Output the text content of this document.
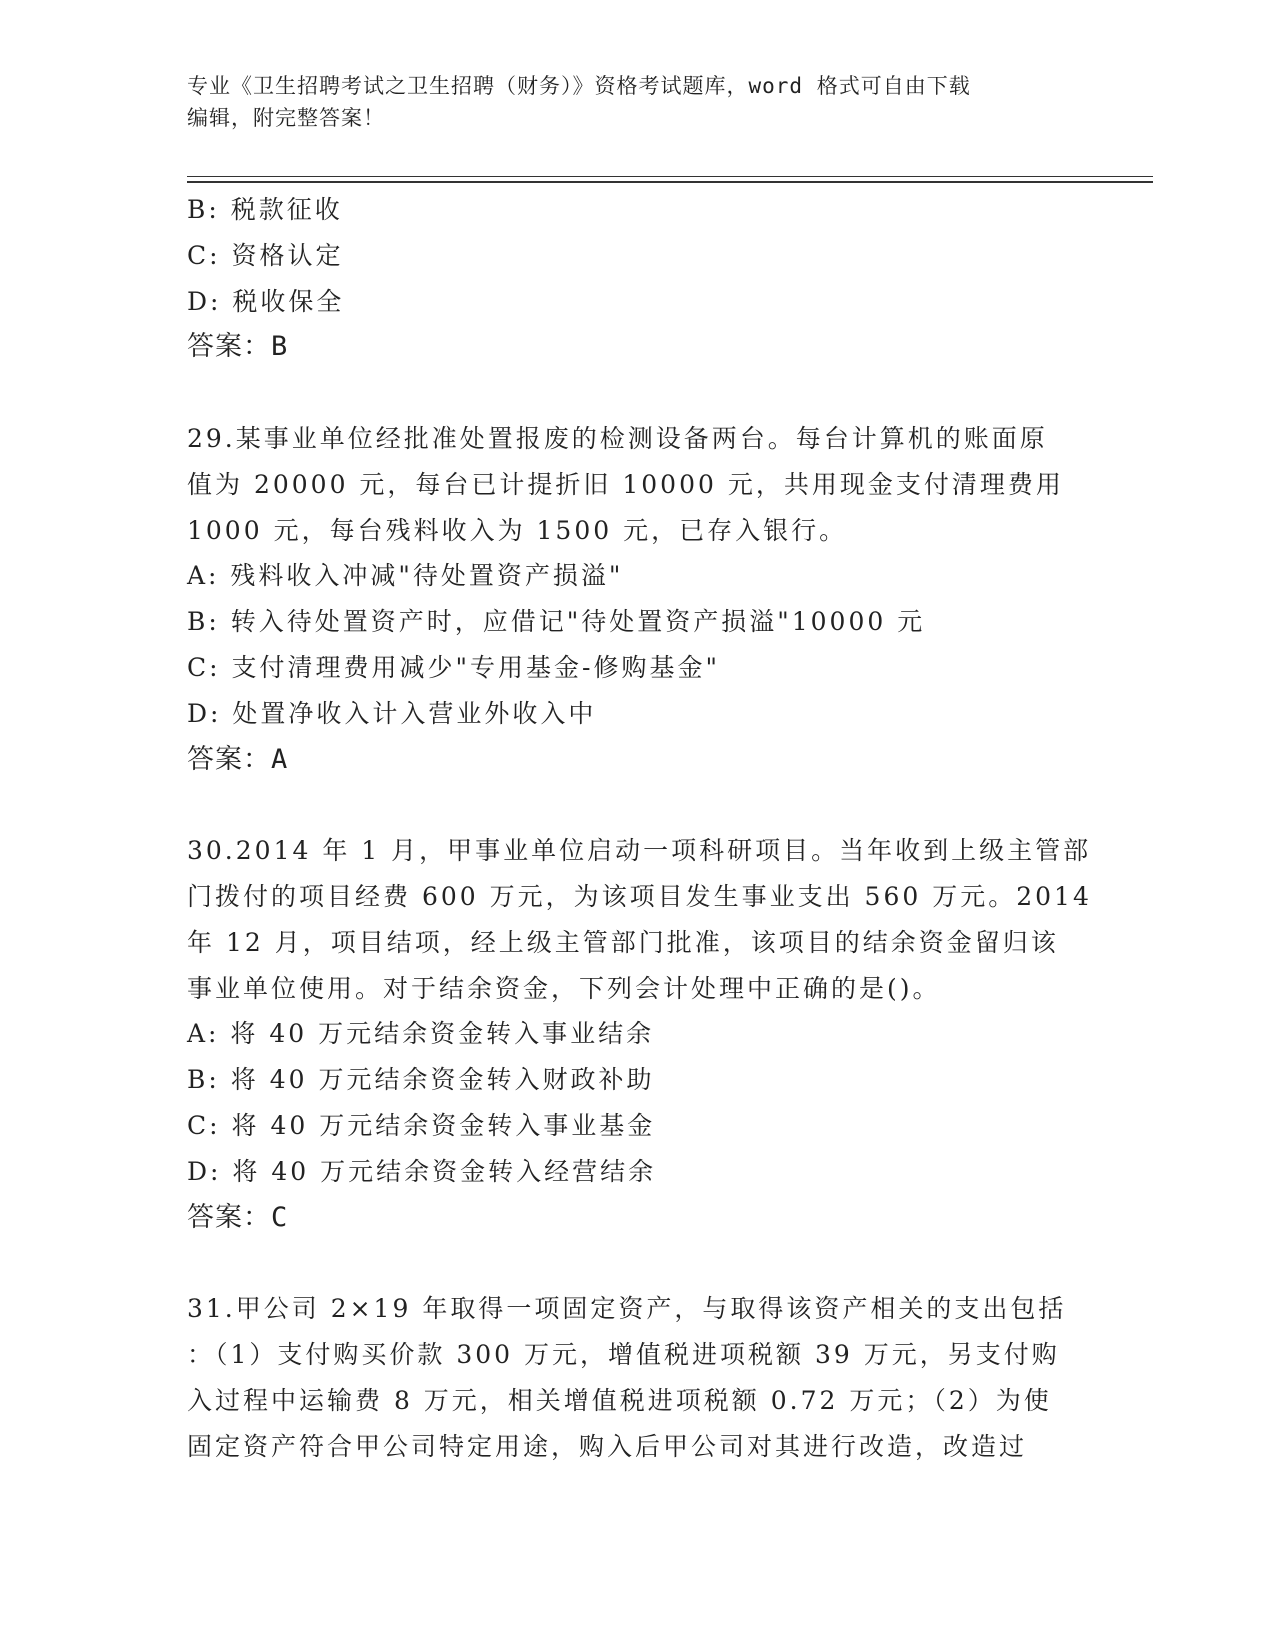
专业《卫生招聘考试之卫生招聘（财务）》资格考试题库，word 格式可自由下载
编辑，附完整答案！
B: 税款征收
C: 资格认定
D: 税收保全
答案：B
29.某事业单位经批准处置报废的检测设备两台。每台计算机的账面原
值为 20000 元，每台已计提折旧 10000 元，共用现金支付清理费用
1000 元，每台残料收入为 1500 元，已存入银行。
A: 残料收入冲减"待处置资产损溢"
B: 转入待处置资产时，应借记"待处置资产损溢"10000 元
C: 支付清理费用减少"专用基金-修购基金"
D: 处置净收入计入营业外收入中
答案：A
30.2014 年 1 月，甲事业单位启动一项科研项目。当年收到上级主管部
门拨付的项目经费 600 万元，为该项目发生事业支出 560 万元。2014
年 12 月，项目结项，经上级主管部门批准，该项目的结余资金留归该
事业单位使用。对于结余资金，下列会计处理中正确的是()。
A: 将 40 万元结余资金转入事业结余
B: 将 40 万元结余资金转入财政补助
C: 将 40 万元结余资金转入事业基金
D: 将 40 万元结余资金转入经营结余
答案：C
31.甲公司 2×19 年取得一项固定资产，与取得该资产相关的支出包括
：（1）支付购买价款 300 万元，增值税进项税额 39 万元，另支付购
入过程中运输费 8 万元，相关增值税进项税额 0.72 万元；（2）为使
固定资产符合甲公司特定用途，购入后甲公司对其进行改造，改造过
